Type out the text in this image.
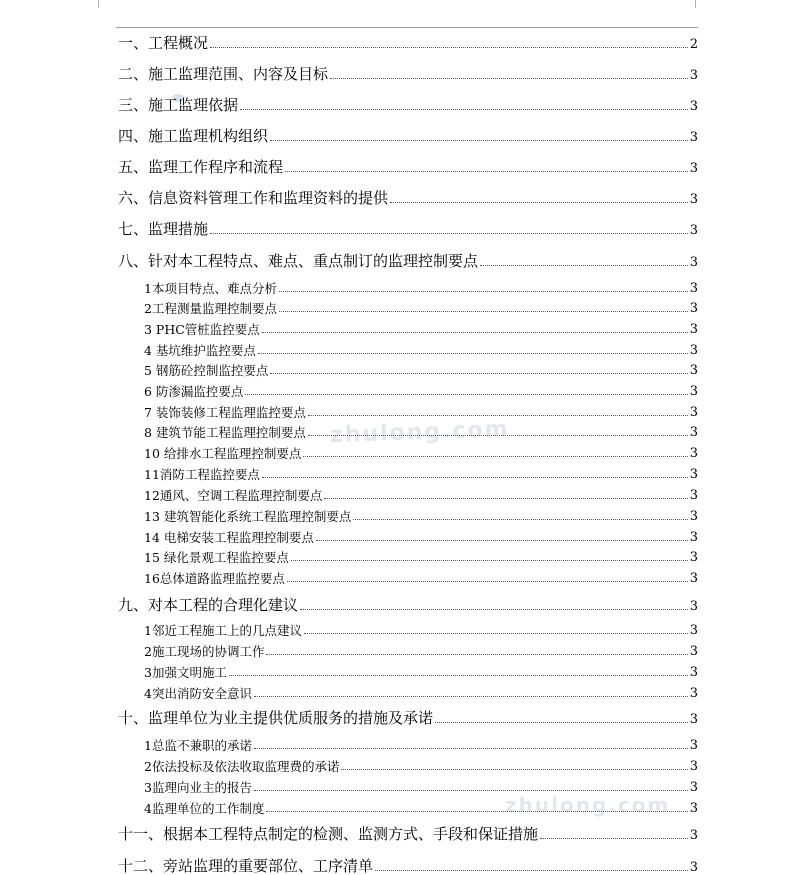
zhulong.com
zhulong.com
一、工程概况	2
二、施工监理范围、内容及目标	3
三、施工监理依据	3
四、施工监理机构组织	3
五、监理工作程序和流程	3
六、信息资料管理工作和监理资料的提供	3
七、监理措施	3
八、针对本工程特点、难点、重点制订的监理控制要点	3
1本项目特点、难点分析	3
2工程测量监理控制要点	3
3 PHC管桩监控要点	3
4 基坑维护监控要点	3
5 钢筋砼控制监控要点	3
6 防渗漏监控要点	3
7 装饰装修工程监理监控要点	3
8 建筑节能工程监理控制要点	3
10 给排水工程监理控制要点	3
11消防工程监控要点	3
12通风、空调工程监理控制要点	3
13 建筑智能化系统工程监理控制要点	3
14 电梯安装工程监理控制要点	3
15 绿化景观工程监控要点	3
16总体道路监理监控要点	3
九、对本工程的合理化建议	3
1邻近工程施工上的几点建议	3
2施工现场的协调工作	3
3加强文明施工	3
4突出消防安全意识	3
十、监理单位为业主提供优质服务的措施及承诺	3
1总监不兼职的承诺	3
2依法投标及依法收取监理费的承诺	3
3监理向业主的报告	3
4监理单位的工作制度	3
十一、根据本工程特点制定的检测、监测方式、手段和保证措施	3
十二、旁站监理的重要部位、工序清单	3
